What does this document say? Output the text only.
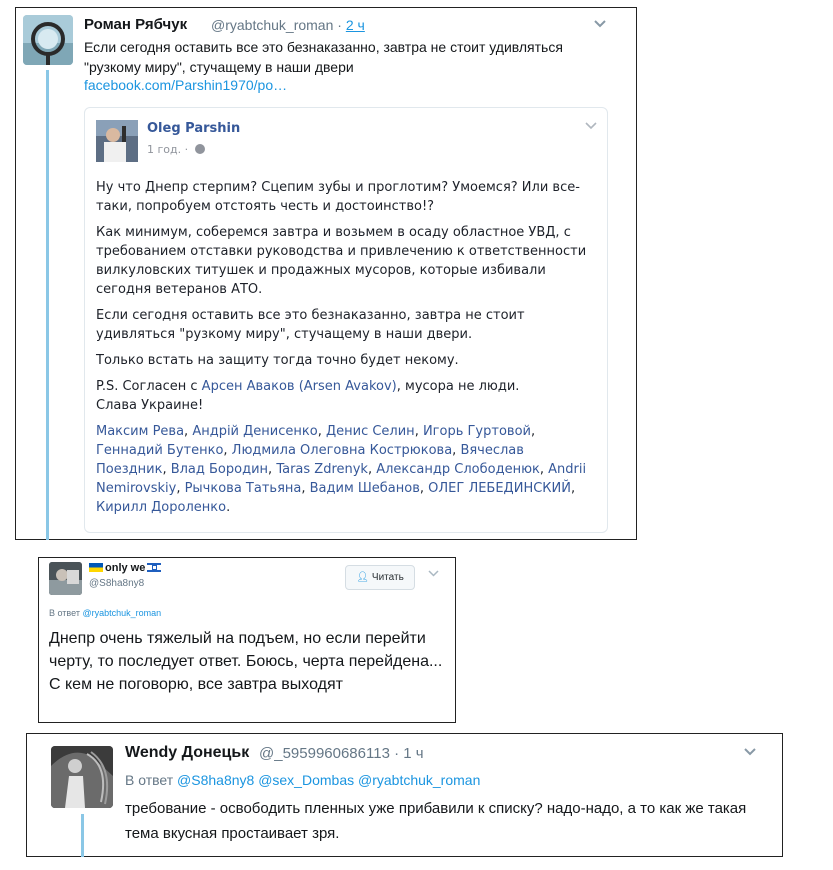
Роман Рябчук @ryabtchuk_roman · 2 ч
Если сегодня оставить все это безнаказанно, завтра не стоит удивляться
"рузкому миру", стучащему в наши двери
facebook.com/Parshin1970/po…
Oleg Parshin
1 год. ·

Ну что Днепр стерпим? Сцепим зубы и проглотим? Умоемся? Или все-таки, попробуем отстоять честь и достоинство!?

Как минимум, соберемся завтра и возьмем в осаду областное УВД, с требованием отставки руководства и привлечению к ответственности вилкуловских титушек и продажных мусоров, которые избивали сегодня ветеранов АТО.

Если сегодня оставить все это безнаказанно, завтра не стоит удивляться "рузкому миру", стучащему в наши двери.

Только встать на защиту тогда точно будет некому.

P.S. Согласен с Арсен Аваков (Arsen Avakov), мусора не люди.

Слава Украине!

Максим Рева, Андрій Денисенко, Денис Селин, Игорь Гуртовой, Геннадий Бутенко, Людмила Олеговна Кострюкова, Вячеслав Поездник, Влад Бородин, Taras Zdrenyk, Александр Слободенюк, Andrii Nemirovskiy, Рычкова Татьяна, Вадим Шебанов, ОЛЕГ ЛЕБЕДИНСКИЙ, Кирилл Дороленко.

only we
@S8ha8ny8
👤︎ Читать
В ответ @ryabtchuk_roman
Днепр очень тяжелый на подъем, но если перейти черту, то последует ответ. Боюсь, черта перейдена... С кем не поговорю, все завтра выходят
Wendy Донецьк @_5959960686113 · 1 ч
В ответ @S8ha8ny8 @sex_Dombas @ryabtchuk_roman
требование - освободить пленных уже прибавили к списку? надо-надо, а то как же такая тема вкусная простаивает зря.
